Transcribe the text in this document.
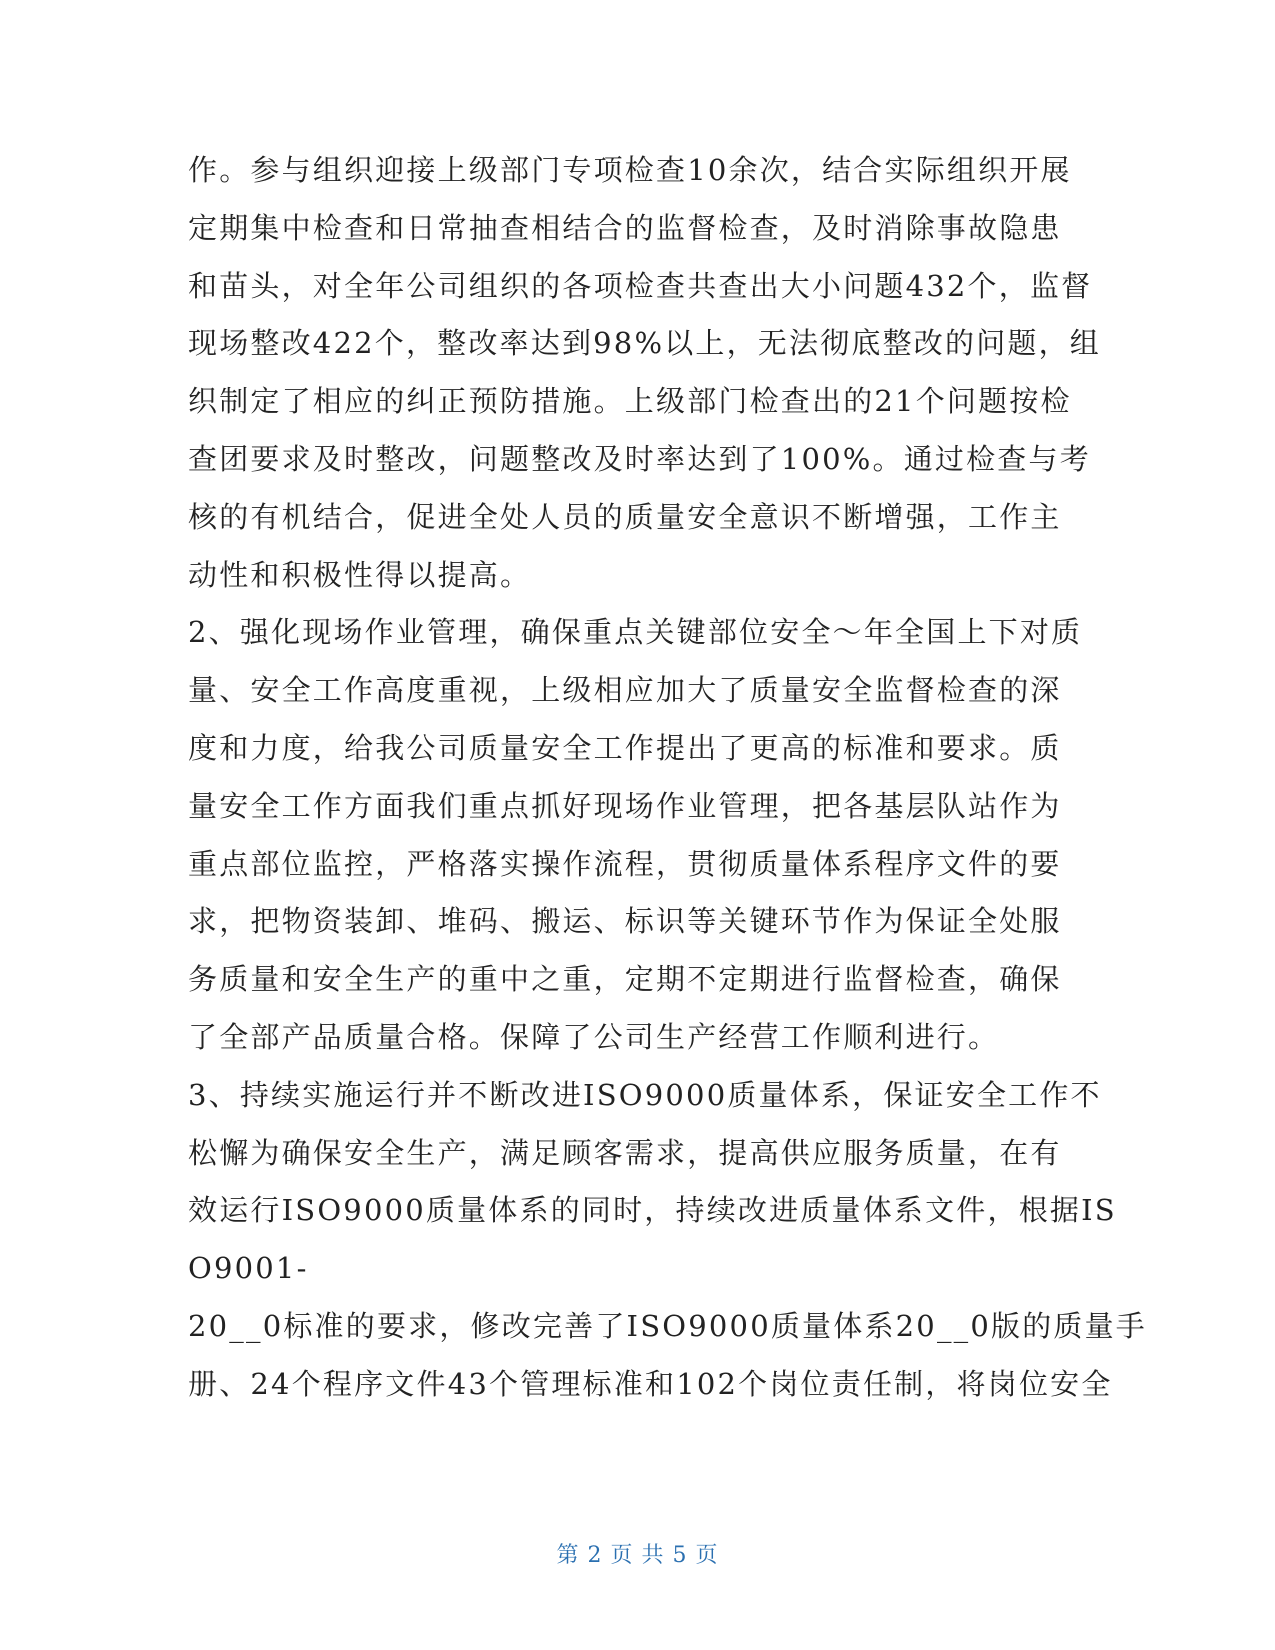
作。参与组织迎接上级部门专项检查10余次，结合实际组织开展
定期集中检查和日常抽查相结合的监督检查，及时消除事故隐患
和苗头，对全年公司组织的各项检查共查出大小问题432个，监督
现场整改422个，整改率达到98%以上，无法彻底整改的问题，组
织制定了相应的纠正预防措施。上级部门检查出的21个问题按检
查团要求及时整改，问题整改及时率达到了100%。通过检查与考
核的有机结合，促进全处人员的质量安全意识不断增强，工作主
动性和积极性得以提高。
2、强化现场作业管理，确保重点关键部位安全～年全国上下对质
量、安全工作高度重视，上级相应加大了质量安全监督检查的深
度和力度，给我公司质量安全工作提出了更高的标准和要求。质
量安全工作方面我们重点抓好现场作业管理，把各基层队站作为
重点部位监控，严格落实操作流程，贯彻质量体系程序文件的要
求，把物资装卸、堆码、搬运、标识等关键环节作为保证全处服
务质量和安全生产的重中之重，定期不定期进行监督检查，确保
了全部产品质量合格。保障了公司生产经营工作顺利进行。
3、持续实施运行并不断改进ISO9000质量体系，保证安全工作不
松懈为确保安全生产，满足顾客需求，提高供应服务质量，在有
效运行ISO9000质量体系的同时，持续改进质量体系文件，根据IS
O9001-
20__0标准的要求，修改完善了ISO9000质量体系20__0版的质量手
册、24个程序文件43个管理标准和102个岗位责任制，将岗位安全
第 2 页 共 5 页
